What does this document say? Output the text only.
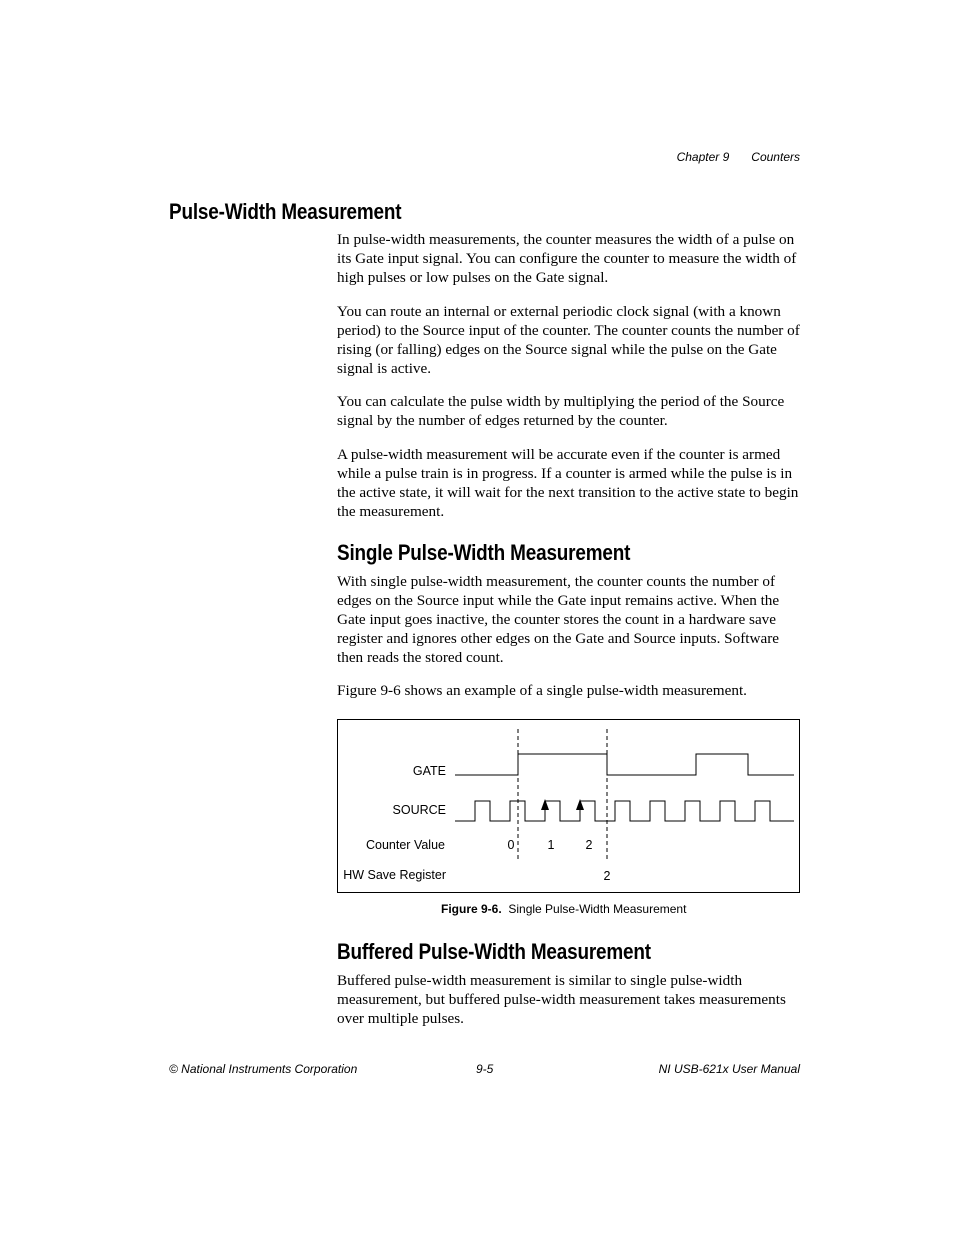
Chapter 9 Counters
Pulse-Width Measurement

In pulse-width measurements, the counter measures the width of a pulse on its Gate input signal. You can configure the counter to measure the width of high pulses or low pulses on the Gate signal.

You can route an internal or external periodic clock signal (with a known period) to the Source input of the counter. The counter counts the number of rising (or falling) edges on the Source signal while the pulse on the Gate signal is active.

You can calculate the pulse width by multiplying the period of the Source signal by the number of edges returned by the counter.

A pulse-width measurement will be accurate even if the counter is armed while a pulse train is in progress. If a counter is armed while the pulse is in the active state, it will wait for the next transition to the active state to begin the measurement.

Single Pulse-Width Measurement

With single pulse-width measurement, the counter counts the number of edges on the Source input while the Gate input remains active. When the Gate input goes inactive, the counter stores the count in a hardware save register and ignores other edges on the Gate and Source inputs. Software then reads the stored count.

Figure 9-6 shows an example of a single pulse-width measurement.

GATE
SOURCE
Counter Value
HW Save Register
0	1 2
2
Figure 9-6. Single Pulse-Width Measurement
Buffered Pulse-Width Measurement

Buffered pulse-width measurement is similar to single pulse-width measurement, but buffered pulse-width measurement takes measurements over multiple pulses.

© National Instruments Corporation	9-5	NI USB-621x User Manual
